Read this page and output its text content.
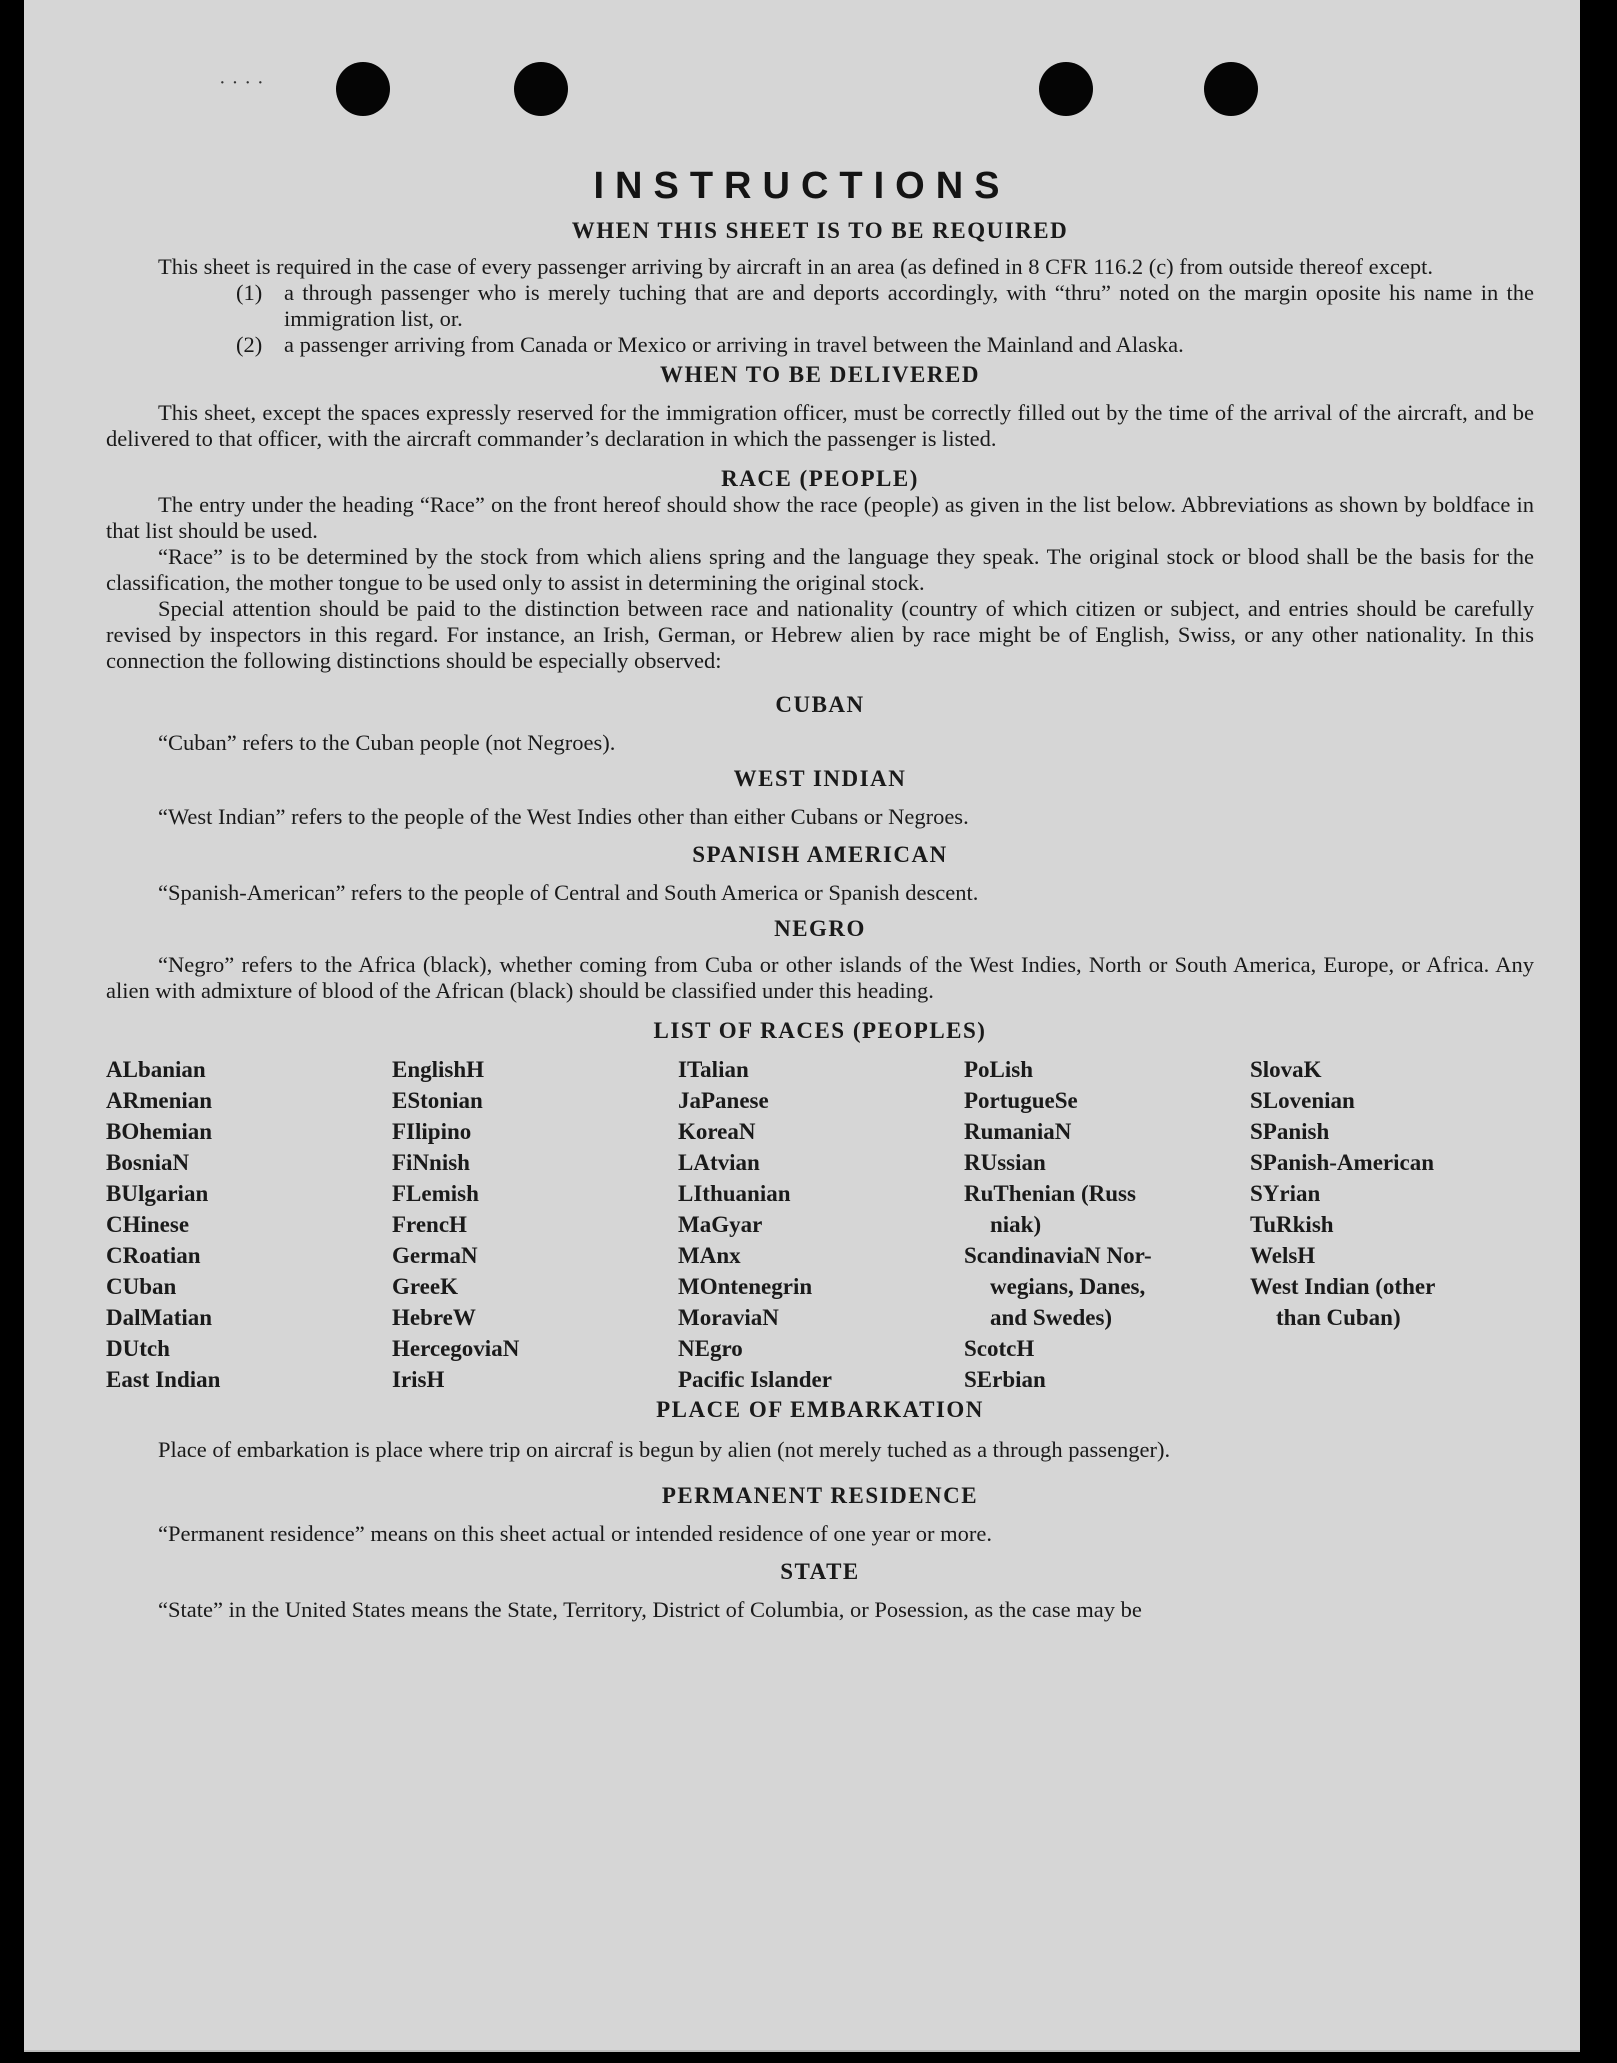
····
INSTRUCTIONS
WHEN THIS SHEET IS TO BE REQUIRED

This sheet is required in the case of every passenger arriving by aircraft in an area (as defined in 8 CFR 116.2 (c) from outside thereof except.

(1) a through passenger who is merely tuching that are and deports accordingly, with “thru” noted on the margin oposite his name in the immigration list, or.
(2) a passenger arriving from Canada or Mexico or arriving in travel between the Mainland and Alaska.
WHEN TO BE DELIVERED

This sheet, except the spaces expressly reserved for the immigration officer, must be correctly filled out by the time of the arrival of the aircraft, and be delivered to that officer, with the aircraft commander’s declaration in which the passenger is listed.

RACE (PEOPLE)

The entry under the heading “Race” on the front hereof should show the race (people) as given in the list below. Abbreviations as shown by boldface in that list should be used.

“Race” is to be determined by the stock from which aliens spring and the language they speak. The original stock or blood shall be the basis for the classification, the mother tongue to be used only to assist in determining the original stock.

Special attention should be paid to the distinction between race and nationality (country of which citizen or subject, and entries should be carefully revised by inspectors in this regard. For instance, an Irish, German, or Hebrew alien by race might be of English, Swiss, or any other nationality. In this connection the following distinctions should be especially observed:

CUBAN

“Cuban” refers to the Cuban people (not Negroes).

WEST INDIAN

“West Indian” refers to the people of the West Indies other than either Cubans or Negroes.

SPANISH AMERICAN

“Spanish-American” refers to the people of Central and South America or Spanish descent.

NEGRO

“Negro” refers to the Africa (black), whether coming from Cuba or other islands of the West Indies, North or South America, Europe, or Africa. Any alien with admixture of blood of the African (black) should be classified under this heading.

LIST OF RACES (PEOPLES)
ALbanian
ARmenian
BOhemian
BosniaN
BUlgarian
CHinese
CRoatian
CUban
DalMatian
DUtch
East Indian
EnglishH
EStonian
FIlipino
FiNnish
FLemish
FrencH
GermaN
GreeK
HebreW
HercegoviaN
IrisH
ITalian
JaPanese
KoreaN
LAtvian
LIthuanian
MaGyar
MAnx
MOntenegrin
MoraviaN
NEgro
Pacific Islander
PoLish
PortugueSe
RumaniaN
RUssian
RuThenian (Russ
niak)
ScandinaviaN Nor-
wegians, Danes,
and Swedes)
ScotcH
SErbian
SlovaK
SLovenian
SPanish
SPanish-American
SYrian
TuRkish
WelsH
West Indian (other
than Cuban)
PLACE OF EMBARKATION

Place of embarkation is place where trip on aircraf is begun by alien (not merely tuched as a through passenger).

PERMANENT RESIDENCE

“Permanent residence” means on this sheet actual or intended residence of one year or more.

STATE

“State” in the United States means the State, Territory, District of Columbia, or Posession, as the case may be
